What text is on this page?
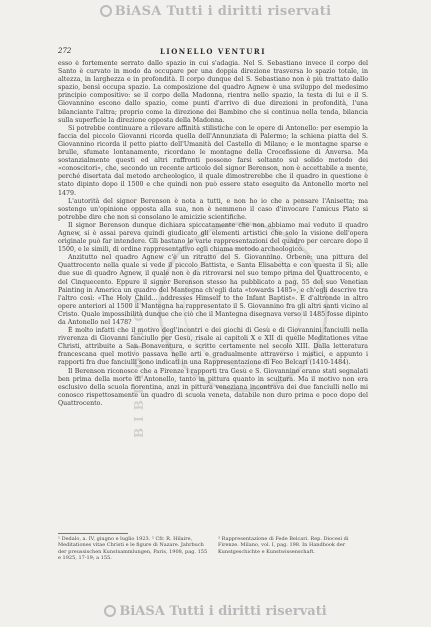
BiASA Tutti i diritti riservati
BIBLIOTECA
272	LIONELLO VENTURI

esso è fortemente serrato dallo spazio in cui s'adagia. Nel S. Sebastiano invece il corpo del Santo è curvato in modo da occupare per una doppia direzione trasversa lo spazio totale, in altezza, in larghezza e in profondità. Il corpo dunque del S. Sebastiano non è più trattato dallo spazio, bensì occupa spazio. La composizione del quadro Agnew è una sviluppo del medesimo principio compositivo: se il corpo della Madonna, rientra nello spazio, la testa di lui e il S. Giovannino escono dallo spazio, come punti d'arrivo di due direzioni in profondità, l'una bilanciante l'altra; proprio come la direzione dei Bambino che si continua nella tenda, bilancia sulla superficie la direzione opposta della Madonna.

Si potrebbe continuare a rilevare affinità stilistiche con le opere di Antonello: per esempio la faccia del piccolo Giovanni ricorda quella dell'Annunziata di Palermo; la schiena piatta del S. Giovannino ricorda il petto piatto dell'Umanità del Castello di Milano; e le montagne sparse e brulle, sfumate lontanamente, ricordano le montagne della Crocefissione di Anversa. Ma sostanzialmente questi ed altri raffronti possono farsi soltanto sul solido metodo dei «conoscitori», che, secondo un recente articolo del signor Berenson, non è accettabile a mente, perché disertata dal metodo archeologico, il quale dimostrerebbe che il quadro in questione è stato dipinto dopo il 1500 e che quindi non può essere stato eseguito da Antonello morto nel 1479.

L'autorità del signor Berenson è nota a tutti, e non ho io che a pensare l'Anisetta; ma sostengo un'opinione opposta alla sua, non è nemmeno il caso d'invocare l'amicus Plato si potrebbe dire che non si consolano le amicizie scientifiche.

Il signor Berenson dunque dichiara spiccatamente che non abbiamo mai veduto il quadro Agnew, si è assai pareva quindi giudicato gli elementi artistici che solo la visione dell'opera originale può far intendere. Gli bastano le varie rappresentazioni del quadro per cercare dopo il 1500, e le simili, di ordine rappresentativo egli chiama metodo archeologico.

Anzitutto nel quadro Agnew c'è un ritratto del S. Giovannino. Orbene: una pittura del Quattrocento nella quale si vede il piccolo Battista, e Santa Elisabetta e con questa il Sì; alle due sue di quadro Agnew, il quale non è da ritrovarsi nel suo tempo prima del Quattrocento, e del Cinquecento. Eppure il signor Berenson stesso ha pubblicato a pag. 55 del suo Venetian Painting in America un quadro del Mantegna ch'egli data «towards 1485», e ch'egli descrive tra l'altro così: «The Holy Child... addresses Himself to the Infant Baptist». E d'altronde in altro opere anteriori al 1500 il Mantegna ha rappresentato il S. Giovannino fra gli altri santi vicino al Cristo. Quale impossibilità dunque che ciò che il Mantegna disegnava verso il 1485 fosse dipinto da Antonello nel 1478?

È molto infatti che il motivo degl'incontri e dei giochi di Gesù e di Giovannini fanciulli nella riverenza di Giovanni fanciullo per Gesù, risale ai capitoli X e XII di quelle Meditationes vitae Christi, attribuite a San Bonaventura, e scritte certamente nel secolo XIII. Dalla letteratura francescana quel motivo passava nelle arti e gradualmente attraverso i mistici, e appunto i rapporti fra due fanciulli sono indicati in una Rappresentazione di Feo Belcari (1410-1484).

Il Berenson riconosce che a Firenze i rapporti tra Gesù e S. Giovannino erano stati segnalati ben prima della morte di Antonello, tanto in pittura quanto in scultura. Ma il motivo non era esclusivo della scuola fiorentina, anzi in pittura veneziana incontrava dei due fanciulli nello mi conosco rispettosamente un quadro di scuola veneta, databile non duro prima e poco dopo del Quattrocento.

¹ Dedalo, a. IV, giugno e luglio 1923. ² Cfr. R. Hilaire, Meditationes vitae Christi e le figure di Nazare. Jahrbuch der preussischen Kunstsammlungen, Paris, 1908, pag. 155 e 1925, 17-19; a 155.
³ Rappresentazione di Fede Belcari. Rep. Diocesi di Firenze. Milano, vol. I, pag. 198. In Handbook der Kunstgeschichte e Kunstwissenschaft.
BiASA Tutti i diritti riservati
